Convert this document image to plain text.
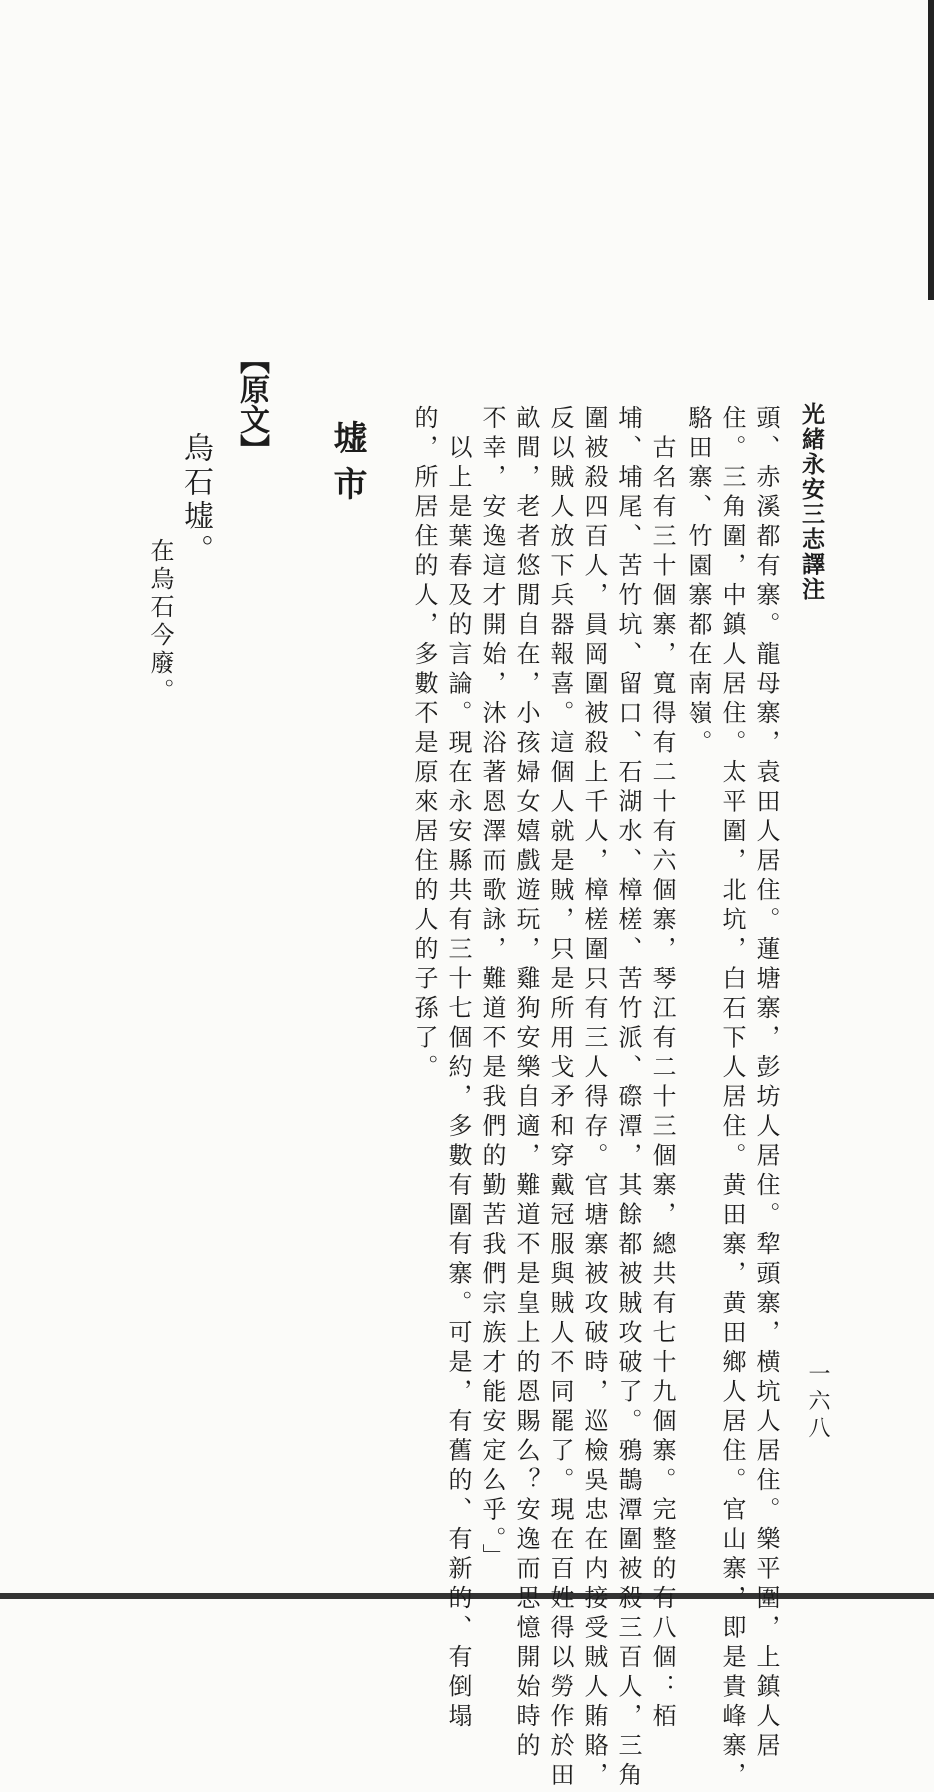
光緒永安三志譯注
一六八
頭、赤溪都有寨。龍母寨，袁田人居住。蓮塘寨，彭坊人居住。犂頭寨，横坑人居住。樂平圍，上鎮人居
住。三角圍，中鎮人居住。太平圍，北坑，白石下人居住。黄田寨，黄田鄉人居住。官山寨，即是貴峰寨，
駱田寨、竹園寨都在南嶺。
　古名有三十個寨，寬得有二十有六個寨，琴江有二十三個寨，總共有七十九個寨。完整的有八個：栢
埔、埔尾、苦竹坑、留口、石湖水、樟槎、苦竹派、磜潭，其餘都被賊攻破了。鴉鵲潭圍被殺三百人，三角
圍被殺四百人，員岡圍被殺上千人，樟槎圍只有三人得存。官塘寨被攻破時，巡檢吳忠在内接受賊人賄賂，
反以賊人放下兵器報喜。這個人就是賊，只是所用戈矛和穿戴冠服與賊人不同罷了。現在百姓得以勞作於田
畝間，老者悠閒自在，小孩婦女嬉戲遊玩，雞狗安樂自適，難道不是皇上的恩賜么？安逸而思憶開始時的
不幸，安逸這才開始，沐浴著恩澤而歌詠，難道不是我們的勤苦我們宗族才能安定么乎。」
　以上是葉春及的言論。現在永安縣共有三十七個約，多數有圍有寨。可是，有舊的、有新的、有倒塌
的，所居住的人，多數不是原來居住的人的子孫了。
墟市
【原文】
烏石墟。
在烏石今廢。
